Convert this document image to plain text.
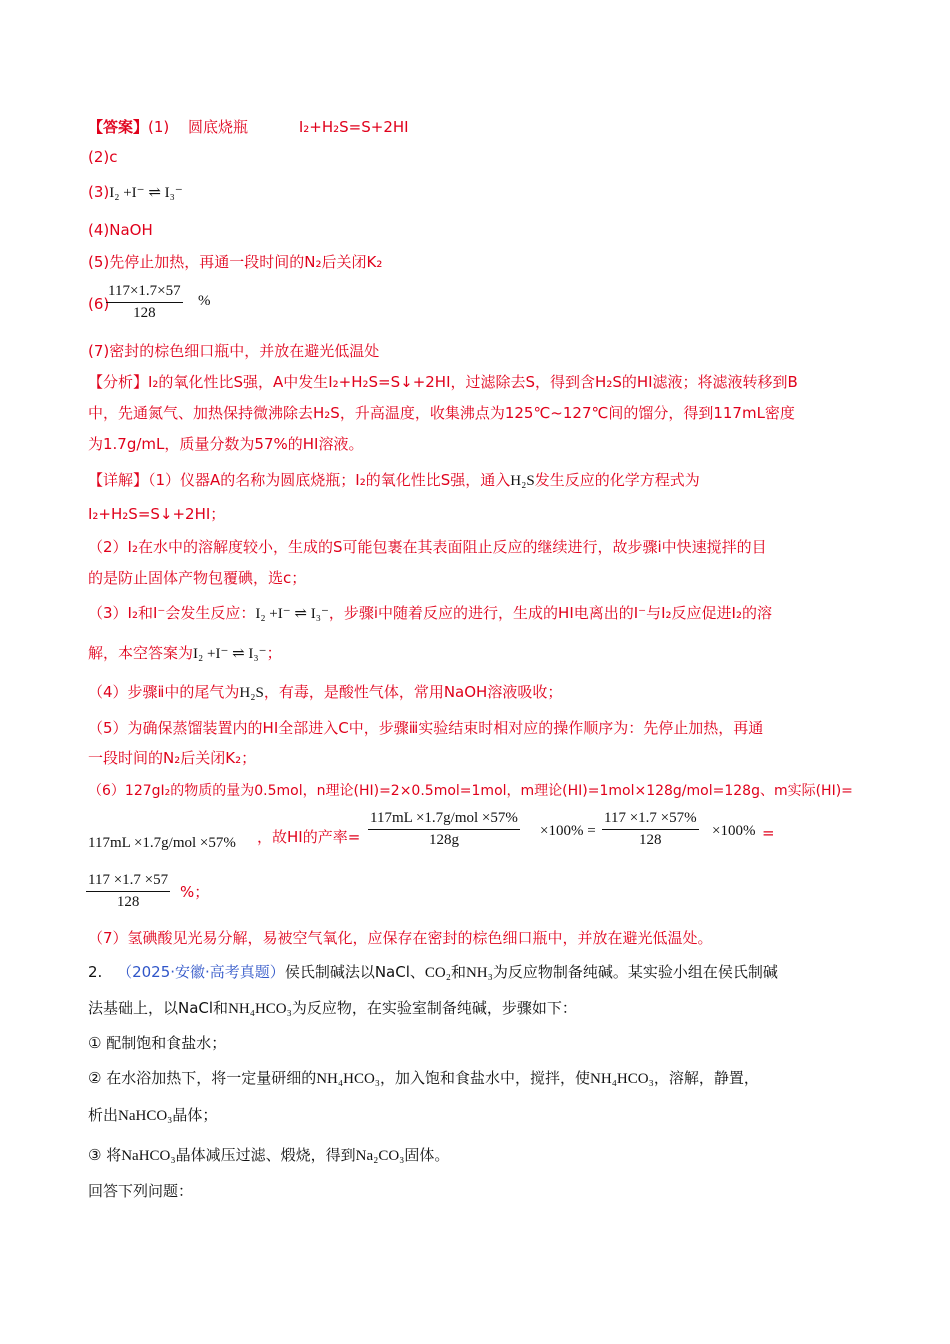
【答案】(1) 圆底烧瓶	I₂+H₂S=S+2HI
(2)c
(3)I₂ +I⁻ ⇌ I₃⁻
(4)NaOH
(5)先停止加热，再通一段时间的N₂后关闭K₂
(6)
117×1.7×57
128
%
(7)密封的棕色细口瓶中，并放在避光低温处
【分析】I₂的氧化性比S强，A中发生I₂+H₂S=S↓+2HI，过滤除去S，得到含H₂S的HI滤液；将滤液转移到B
中，先通氮气、加热保持微沸除去H₂S，升高温度，收集沸点为125℃~127℃间的馏分，得到117mL密度
为1.7g/mL，质量分数为57%的HI溶液。
【详解】（1）仪器A的名称为圆底烧瓶；I₂的氧化性比S强，通入H₂S发生反应的化学方程式为
I₂+H₂S=S↓+2HI；
（2）I₂在水中的溶解度较小，生成的S可能包裹在其表面阻止反应的继续进行，故步骤ⅰ中快速搅拌的目
的是防止固体产物包覆碘，选c；
（3）I₂和I⁻会发生反应：I₂ +I⁻ ⇌ I₃⁻，步骤ⅰ中随着反应的进行，生成的HI电离出的I⁻与I₂反应促进I₂的溶
解，本空答案为I₂ +I⁻ ⇌ I₃⁻；
（4）步骤ⅱ中的尾气为H₂S，有毒，是酸性气体，常用NaOH溶液吸收；
（5）为确保蒸馏装置内的HI全部进入C中，步骤ⅲ实验结束时相对应的操作顺序为：先停止加热，再通
一段时间的N₂后关闭K₂；
（6）127gI₂的物质的量为0.5mol，n理论(HI)=2×0.5mol=1mol，m理论(HI)=1mol×128g/mol=128g、m实际(HI)=
117mL ×1.7g/mol ×57% ，故HI的产率=
117mL ×1.7g/mol ×57%
128g
×100% =
117 ×1.7 ×57%
128
×100% =
117 ×1.7 ×57
128
%；
（7）氢碘酸见光易分解，易被空气氧化，应保存在密封的棕色细口瓶中，并放在避光低温处。
2. （2025·安徽·高考真题）侯氏制碱法以NaCl、CO₂和NH₃为反应物制备纯碱。某实验小组在侯氏制碱
法基础上，以NaCl和NH₄HCO₃为反应物，在实验室制备纯碱，步骤如下：
① 配制饱和食盐水；
② 在水浴加热下，将一定量研细的NH₄HCO₃，加入饱和食盐水中，搅拌，使NH₄HCO₃，溶解，静置，
析出NaHCO₃晶体；
③ 将NaHCO₃晶体减压过滤、煅烧，得到Na₂CO₃固体。
回答下列问题：
